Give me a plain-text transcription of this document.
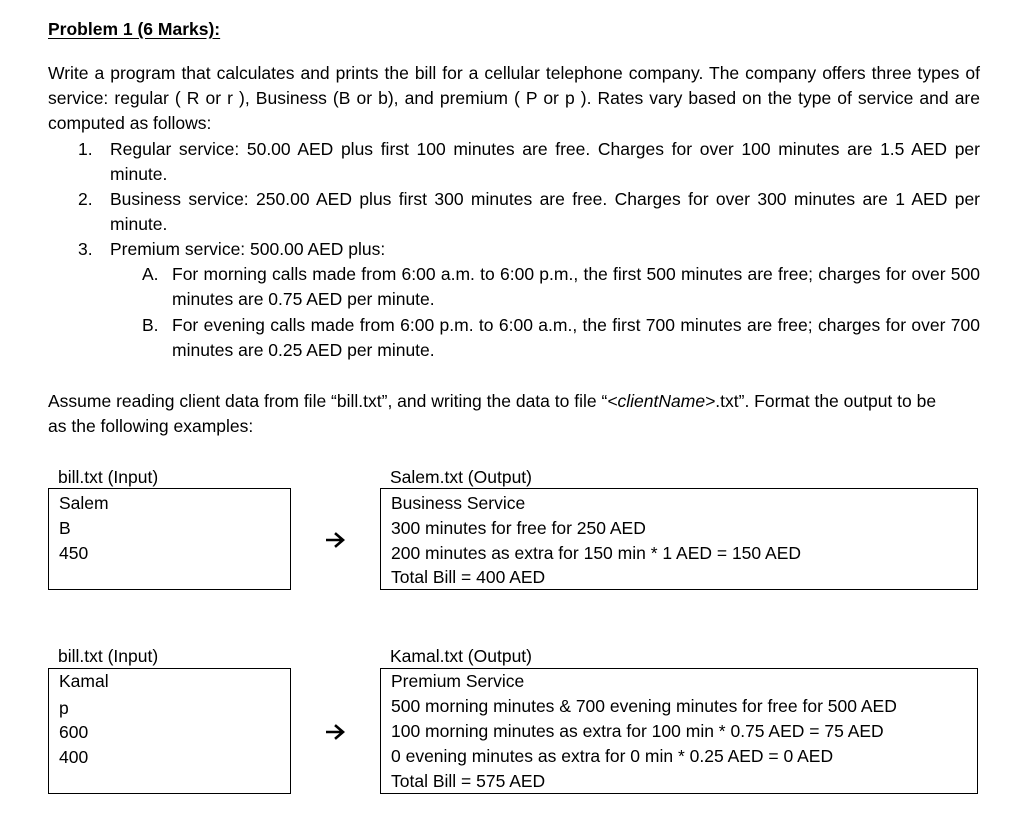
Problem 1 (6 Marks):
Write a program that calculates and prints the bill for a cellular telephone company. The company offers three types of service: regular ( R or r ), Business (B or b), and premium ( P or p ). Rates vary based on the type of service and are computed as follows:
1. Regular service: 50.00 AED plus first 100 minutes are free. Charges for over 100 minutes are 1.5 AED per minute.
2. Business service: 250.00 AED plus first 300 minutes are free. Charges for over 300 minutes are 1 AED per minute.
3. Premium service: 500.00 AED plus:
A. For morning calls made from 6:00 a.m. to 6:00 p.m., the first 500 minutes are free; charges for over 500 minutes are 0.75 AED per minute.
B. For evening calls made from 6:00 p.m. to 6:00 a.m., the first 700 minutes are free; charges for over 700 minutes are 0.25 AED per minute.
Assume reading client data from file “bill.txt”, and writing the data to file “<clientName>.txt”. Format the output to be as the following examples:
bill.txt (Input)
Salem
B
450
Salem.txt (Output)
Business Service
300 minutes for free for 250 AED
200 minutes as extra for 150 min * 1 AED = 150 AED
Total Bill = 400 AED
bill.txt (Input)
Kamal
p
600
400
Kamal.txt (Output)
Premium Service
500 morning minutes & 700 evening minutes for free for 500 AED
100 morning minutes as extra for 100 min * 0.75 AED = 75 AED
0 evening minutes as extra for 0 min * 0.25 AED = 0 AED
Total Bill = 575 AED
